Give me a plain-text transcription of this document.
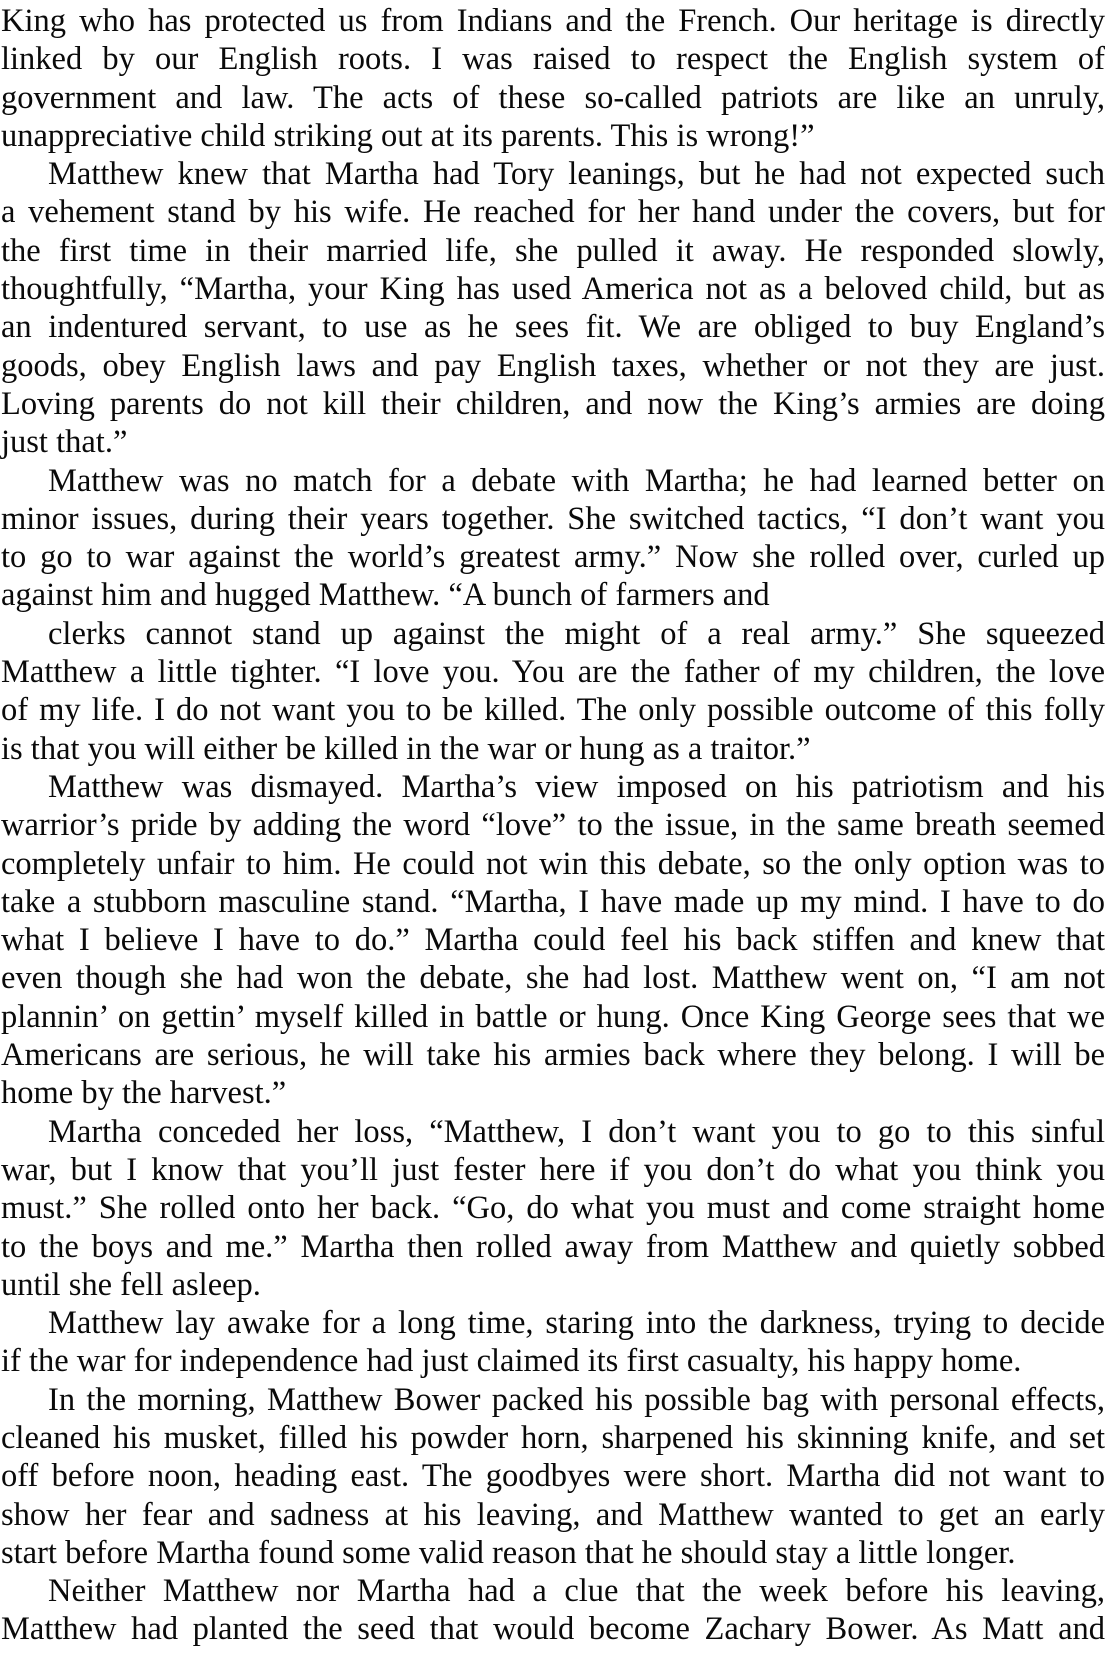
King who has protected us from Indians and the French. Our heritage is directly
linked by our English roots. I was raised to respect the English system of
government and law. The acts of these so-called patriots are like an unruly,
unappreciative child striking out at its parents. This is wrong!”
Matthew knew that Martha had Tory leanings, but he had not expected such
a vehement stand by his wife. He reached for her hand under the covers, but for
the first time in their married life, she pulled it away. He responded slowly,
thoughtfully, “Martha, your King has used America not as a beloved child, but as
an indentured servant, to use as he sees fit. We are obliged to buy England’s
goods, obey English laws and pay English taxes, whether or not they are just.
Loving parents do not kill their children, and now the King’s armies are doing
just that.”
Matthew was no match for a debate with Martha; he had learned better on
minor issues, during their years together. She switched tactics, “I don’t want you
to go to war against the world’s greatest army.” Now she rolled over, curled up
against him and hugged Matthew. “A bunch of farmers and
clerks cannot stand up against the might of a real army.” She squeezed
Matthew a little tighter. “I love you. You are the father of my children, the love
of my life. I do not want you to be killed. The only possible outcome of this folly
is that you will either be killed in the war or hung as a traitor.”
Matthew was dismayed. Martha’s view imposed on his patriotism and his
warrior’s pride by adding the word “love” to the issue, in the same breath seemed
completely unfair to him. He could not win this debate, so the only option was to
take a stubborn masculine stand. “Martha, I have made up my mind. I have to do
what I believe I have to do.” Martha could feel his back stiffen and knew that
even though she had won the debate, she had lost. Matthew went on, “I am not
plannin’ on gettin’ myself killed in battle or hung. Once King George sees that we
Americans are serious, he will take his armies back where they belong. I will be
home by the harvest.”
Martha conceded her loss, “Matthew, I don’t want you to go to this sinful
war, but I know that you’ll just fester here if you don’t do what you think you
must.” She rolled onto her back. “Go, do what you must and come straight home
to the boys and me.” Martha then rolled away from Matthew and quietly sobbed
until she fell asleep.
Matthew lay awake for a long time, staring into the darkness, trying to decide
if the war for independence had just claimed its first casualty, his happy home.
In the morning, Matthew Bower packed his possible bag with personal effects,
cleaned his musket, filled his powder horn, sharpened his skinning knife, and set
off before noon, heading east. The goodbyes were short. Martha did not want to
show her fear and sadness at his leaving, and Matthew wanted to get an early
start before Martha found some valid reason that he should stay a little longer.
Neither Matthew nor Martha had a clue that the week before his leaving,
Matthew had planted the seed that would become Zachary Bower. As Matt and
